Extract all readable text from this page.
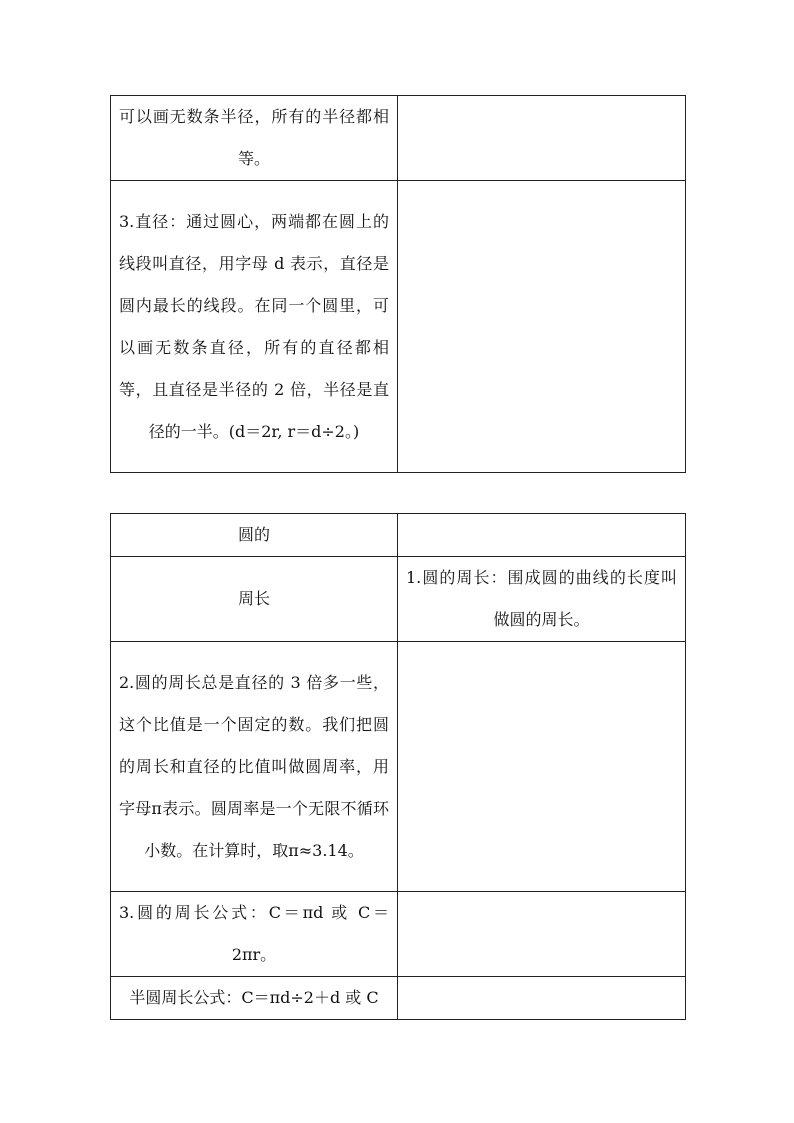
可以画无数条半径，所有的半径都相等。	
3.直径：通过圆心，两端都在圆上的线段叫直径，用字母 d 表示，直径是圆内最长的线段。在同一个圆里，可以画无数条直径，所有的直径都相等，且直径是半径的 2 倍，半径是直径的一半。(d＝2r, r＝d÷2。)	
圆的	
周长	1.圆的周长：围成圆的曲线的长度叫做圆的周长。
2.圆的周长总是直径的 3 倍多一些，这个比值是一个固定的数。我们把圆的周长和直径的比值叫做圆周率，用字母π表示。圆周率是一个无限不循环小数。在计算时，取π≈3.14。	
3.圆的周长公式：C＝πd 或 C＝2πr。	
半圆周长公式：C＝πd÷2＋d 或 C	
